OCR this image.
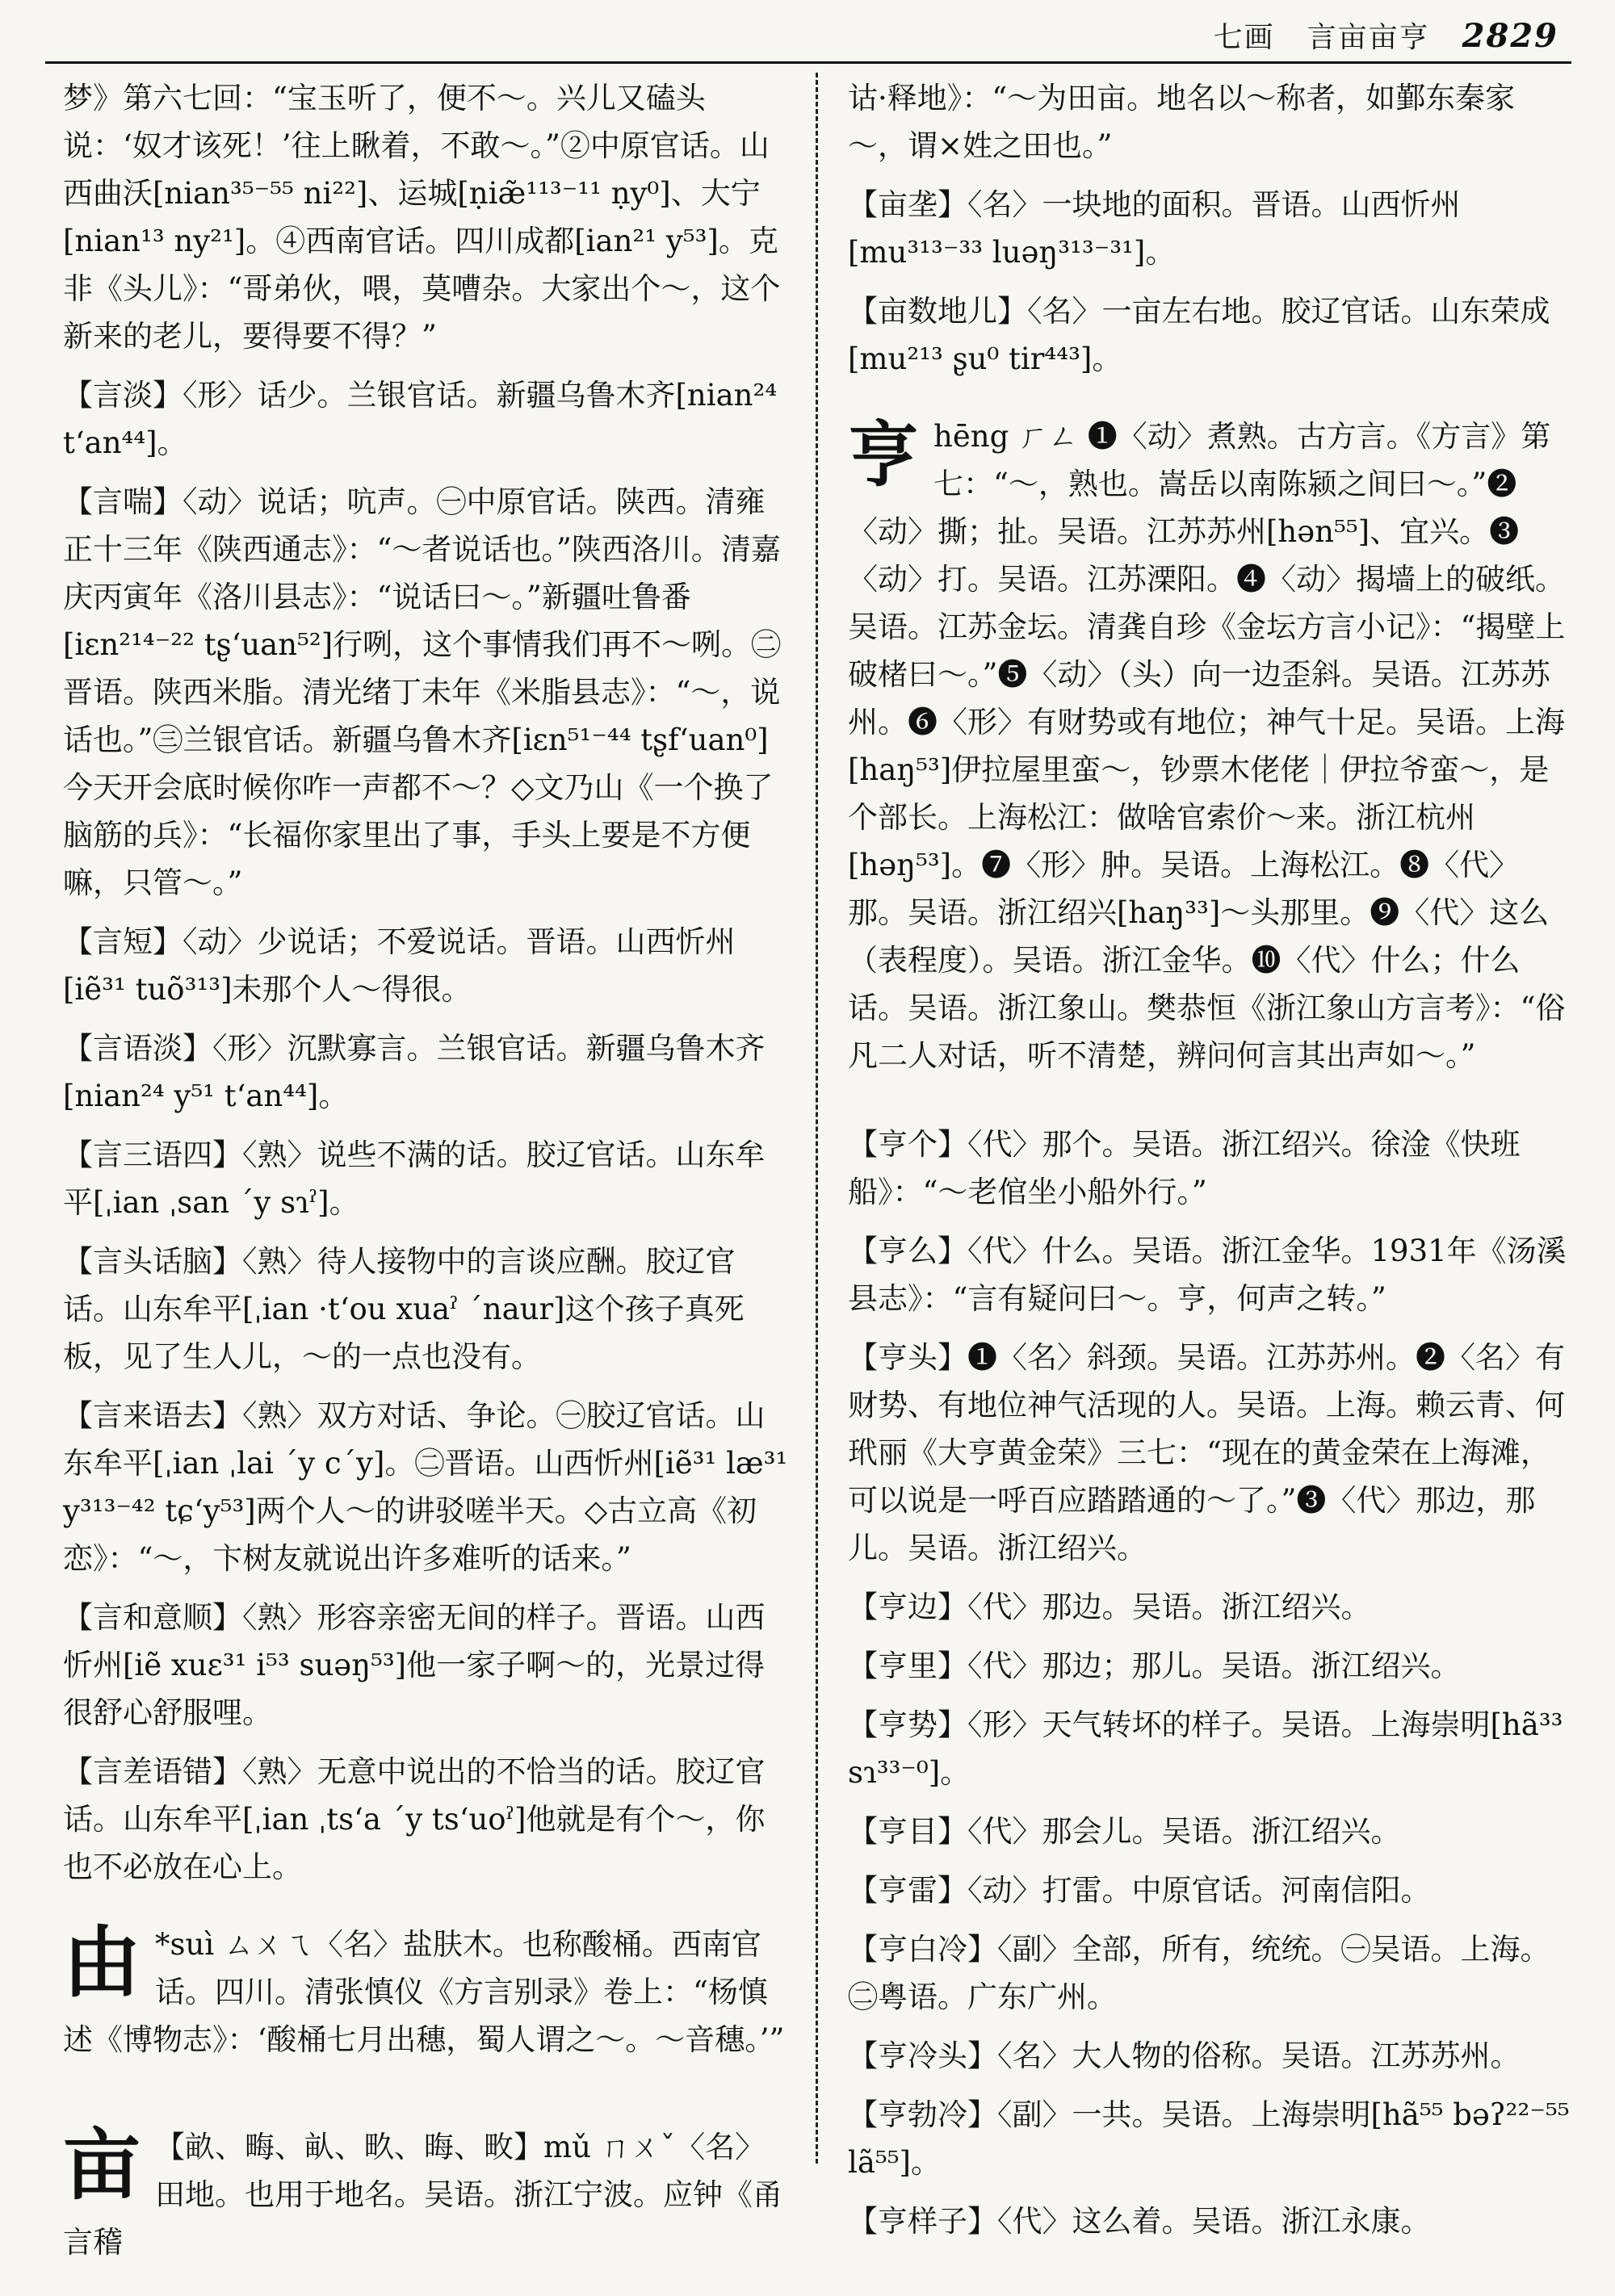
七画 言亩亩亨 2829

梦》第六七回：“宝玉听了，便不～。兴儿又磕头说：‘奴才该死！’往上瞅着，不敢～。”②中原官话。山西曲沃[nian³⁵⁻⁵⁵ ni²²]、运城[ṇiæ̃¹¹³⁻¹¹ ṇy⁰]、大宁[nian¹³ ny²¹]。④西南官话。四川成都[ian²¹ y⁵³]。克非《头儿》：“哥弟伙，喂，莫嘈杂。大家出个～，这个新来的老儿，要得要不得？”

【言淡】〈形〉话少。兰银官话。新疆乌鲁木齐[nian²⁴ t‘an⁴⁴]。

【言喘】〈动〉说话；吭声。㊀中原官话。陕西。清雍正十三年《陕西通志》：“～者说话也。”陕西洛川。清嘉庆丙寅年《洛川县志》：“说话曰～。”新疆吐鲁番[iɛn²¹⁴⁻²² tʂ‘uan⁵²]行咧，这个事情我们再不～咧。㊁晋语。陕西米脂。清光绪丁未年《米脂县志》：“～，说话也。”㊂兰银官话。新疆乌鲁木齐[iɛn⁵¹⁻⁴⁴ tʂf‘uan⁰]今天开会底时候你咋一声都不～？◇文乃山《一个换了脑筋的兵》：“长福你家里出了事，手头上要是不方便嘛，只管～。”

【言短】〈动〉少说话；不爱说话。晋语。山西忻州[iẽ³¹ tuõ³¹³]未那个人～得很。

【言语淡】〈形〉沉默寡言。兰银官话。新疆乌鲁木齐[nian²⁴ y⁵¹ t‘an⁴⁴]。

【言三语四】〈熟〉说些不满的话。胶辽官话。山东牟平[ˌian ˌsan ˊy sɿˀ]。

【言头话脑】〈熟〉待人接物中的言谈应酬。胶辽官话。山东牟平[ˌian ·t‘ou xuaˀ ˊnaur]这个孩子真死板，见了生人儿，～的一点也没有。

【言来语去】〈熟〉双方对话、争论。㊀胶辽官话。山东牟平[ˌian ˌlai ˊy cˊy]。㊁晋语。山西忻州[iẽ³¹ læ³¹ y³¹³⁻⁴² tɕ‘y⁵³]两个人～的讲驳嗟半天。◇古立高《初恋》：“～，卞树友就说出许多难听的话来。”

【言和意顺】〈熟〉形容亲密无间的样子。晋语。山西忻州[iẽ xuɛ³¹ i⁵³ suəŋ⁵³]他一家子啊～的，光景过得很舒心舒服哩。

【言差语错】〈熟〉无意中说出的不恰当的话。胶辽官话。山东牟平[ˌian ˌts‘a ˊy ts‘uoˀ]他就是有个～，你也不必放在心上。

由 *suì ㄙㄨㄟ〈名〉盐肤木。也称酸桶。西南官话。四川。清张慎仪《方言别录》卷上：“杨慎述《博物志》：‘酸桶七月出穗，蜀人谓之～。～音穗。’”

亩 【畝、畮、畒、畂、晦、畋】mǔ ㄇㄨˇ〈名〉田地。也用于地名。吴语。浙江宁波。应钟《甬言稽

诂·释地》：“～为田亩。地名以～称者，如鄞东秦家～，谓×姓之田也。”

【亩垄】〈名〉一块地的面积。晋语。山西忻州[mu³¹³⁻³³ luəŋ³¹³⁻³¹]。

【亩数地儿】〈名〉一亩左右地。胶辽官话。山东荣成[mu²¹³ ʂu⁰ tir⁴⁴³]。

亨 hēng ㄏㄥ ❶〈动〉煮熟。古方言。《方言》第七：“～，熟也。嵩岳以南陈颍之间曰～。”❷〈动〉撕；扯。吴语。江苏苏州[hən⁵⁵]、宜兴。❸〈动〉打。吴语。江苏溧阳。❹〈动〉揭墙上的破纸。吴语。江苏金坛。清龚自珍《金坛方言小记》：“揭壁上破楮曰～。”❺〈动〉（头）向一边歪斜。吴语。江苏苏州。❻〈形〉有财势或有地位；神气十足。吴语。上海[haŋ⁵³]伊拉屋里蛮～，钞票木佬佬｜伊拉爷蛮～，是个部长。上海松江：做啥官索价～来。浙江杭州[həŋ⁵³]。❼〈形〉肿。吴语。上海松江。❽〈代〉那。吴语。浙江绍兴[haŋ³³]～头那里。❾〈代〉这么（表程度）。吴语。浙江金华。❿〈代〉什么；什么话。吴语。浙江象山。樊恭恒《浙江象山方言考》：“俗凡二人对话，听不清楚，辨问何言其出声如～。”

【亨个】〈代〉那个。吴语。浙江绍兴。徐淦《快班船》：“～老倌坐小船外行。”

【亨么】〈代〉什么。吴语。浙江金华。1931年《汤溪县志》：“言有疑问曰～。亨，何声之转。”

【亨头】❶〈名〉斜颈。吴语。江苏苏州。❷〈名〉有财势、有地位神气活现的人。吴语。上海。赖云青、何玳丽《大亨黄金荣》三七：“现在的黄金荣在上海滩，可以说是一呼百应踏踏通的～了。”❸〈代〉那边，那儿。吴语。浙江绍兴。

【亨边】〈代〉那边。吴语。浙江绍兴。

【亨里】〈代〉那边；那儿。吴语。浙江绍兴。

【亨势】〈形〉天气转坏的样子。吴语。上海崇明[hã³³ sɿ³³⁻⁰]。

【亨目】〈代〉那会儿。吴语。浙江绍兴。

【亨雷】〈动〉打雷。中原官话。河南信阳。

【亨白冷】〈副〉全部，所有，统统。㊀吴语。上海。㊁粤语。广东广州。

【亨冷头】〈名〉大人物的俗称。吴语。江苏苏州。

【亨勃冷】〈副〉一共。吴语。上海崇明[hã⁵⁵ bəʔ²²⁻⁵⁵ lã⁵⁵]。

【亨样子】〈代〉这么着。吴语。浙江永康。
